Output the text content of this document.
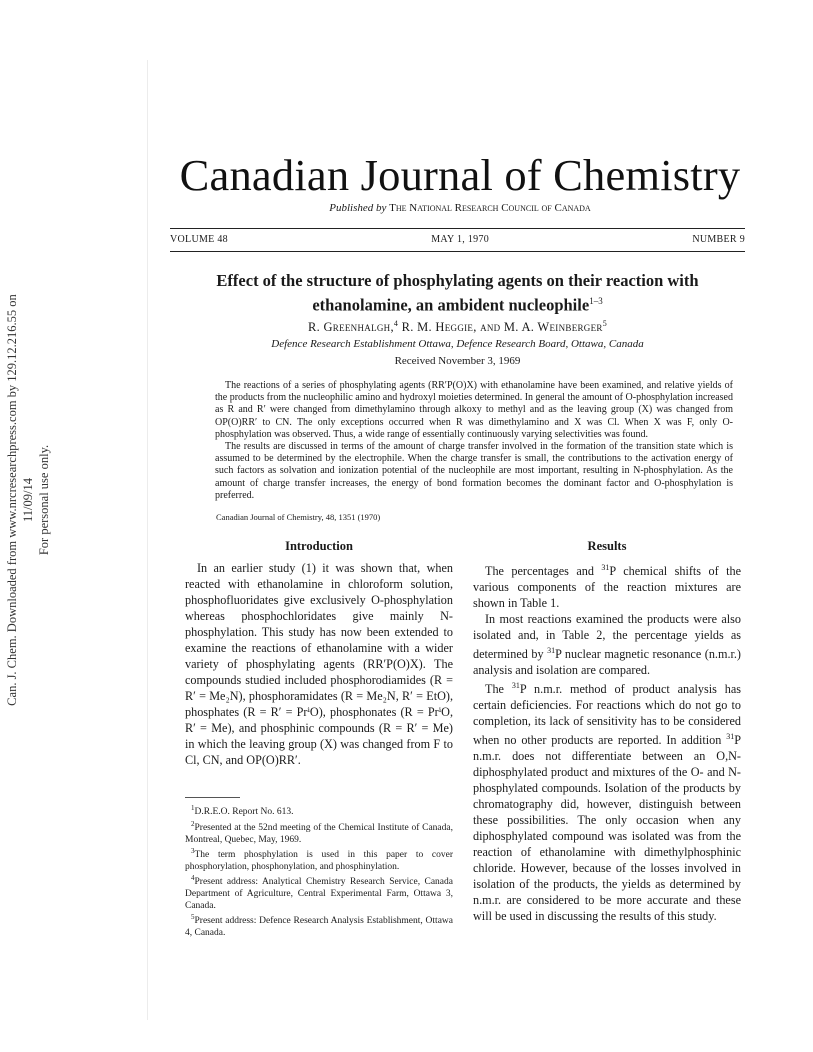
Can. J. Chem. Downloaded from www.nrcresearchpress.com by 129.12.216.55 on 11/09/14 For personal use only.
Canadian Journal of Chemistry
Published by The National Research Council of Canada
VOLUME 48	MAY 1, 1970	NUMBER 9
Effect of the structure of phosphylating agents on their reaction with
ethanolamine, an ambident nucleophile$^{1-3}$
R. Greenhalgh,$^4$ R. M. Heggie, and M. A. Weinberger$^5$
Defence Research Establishment Ottawa, Defence Research Board, Ottawa, Canada
Received November 3, 1969

The reactions of a series of phosphylating agents (RR′P(O)X) with ethanolamine have been examined, and relative yields of the products from the nucleophilic amino and hydroxyl moieties determined. In general the amount of O-phosphylation increased as R and R′ were changed from dimethylamino through alkoxy to methyl and as the leaving group (X) was changed from OP(O)RR′ to CN. The only exceptions occurred when R was dimethylamino and X was Cl. When X was F, only O-phosphylation was observed. Thus, a wide range of essentially continuously varying selectivities was found.

The results are discussed in terms of the amount of charge transfer involved in the formation of the transition state which is assumed to be determined by the electrophile. When the charge transfer is small, the contributions to the activation energy of such factors as solvation and ionization potential of the nucleophile are most important, resulting in N-phosphylation. As the amount of charge transfer increases, the energy of bond formation becomes the dominant factor and O-phosphylation is preferred.

Canadian Journal of Chemistry, 48, 1351 (1970)
Introduction

In an earlier study (1) it was shown that, when reacted with ethanolamine in chloroform solution, phosphofluoridates give exclusively O-phosphylation whereas phosphochloridates give mainly N-phosphylation. This study has now been extended to examine the reactions of ethanolamine with a wider variety of phosphylating agents (RR′P(O)X). The compounds studied included phosphorodiamides (R = R′ = Me₂N), phosphoramidates (R = Me₂N, R′ = EtO), phosphates (R = R′ = PrⁱO), phosphonates (R = PrⁱO, R′ = Me), and phosphinic compounds (R = R′ = Me) in which the leaving group (X) was changed from F to Cl, CN, and OP(O)RR′.

$^1$D.R.E.O. Report No. 613.

$^2$Presented at the 52nd meeting of the Chemical Institute of Canada, Montreal, Quebec, May, 1969.

$^3$The term phosphylation is used in this paper to cover phosphorylation, phosphonylation, and phosphinylation.

$^4$Present address: Analytical Chemistry Research Service, Canada Department of Agriculture, Central Experimental Farm, Ottawa 3, Canada.

$^5$Present address: Defence Research Analysis Establishment, Ottawa 4, Canada.

Results

The percentages and $^{31}$P chemical shifts of the various components of the reaction mixtures are shown in Table 1.

In most reactions examined the products were also isolated and, in Table 2, the percentage yields as determined by $^{31}$P nuclear magnetic resonance (n.m.r.) analysis and isolation are compared.

The $^{31}$P n.m.r. method of product analysis has certain deficiencies. For reactions which do not go to completion, its lack of sensitivity has to be considered when no other products are reported. In addition $^{31}$P n.m.r. does not differentiate between an O,N-diphosphylated product and mixtures of the O- and N-phosphylated compounds. Isolation of the products by chromatography did, however, distinguish between these possibilities. The only occasion when any diphosphylated compound was isolated was from the reaction of ethanolamine with dimethylphosphinic chloride. However, because of the losses involved in isolation of the products, the yields as determined by n.m.r. are considered to be more accurate and these will be used in discussing the results of this study.
